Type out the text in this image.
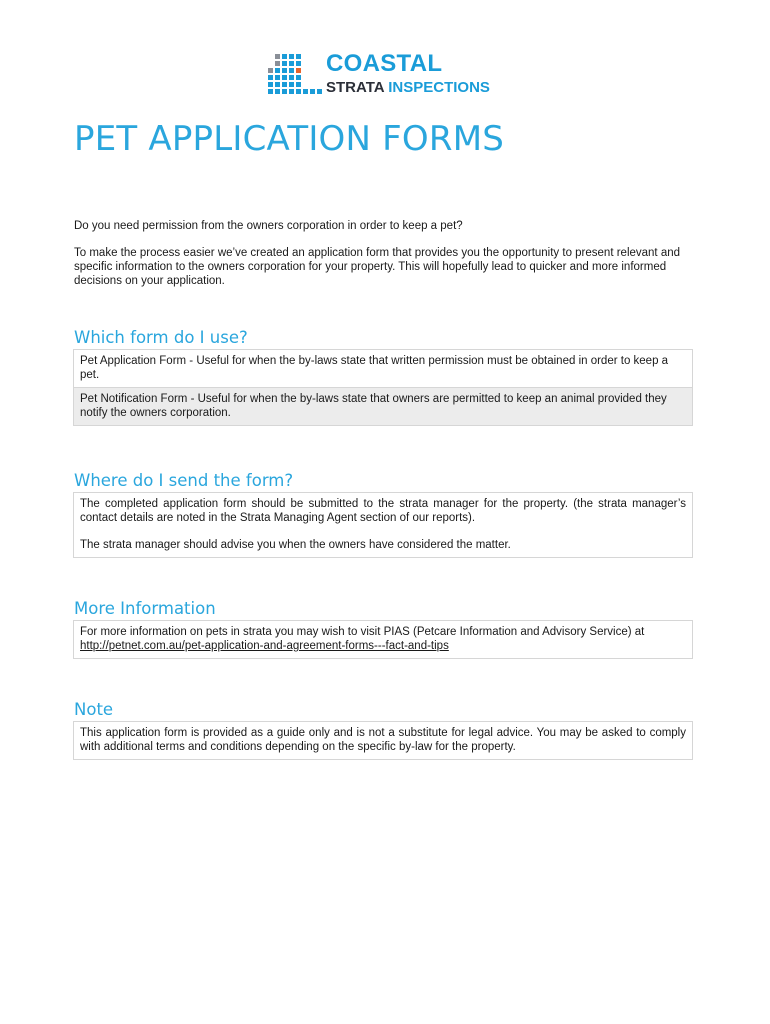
COASTAL
STRATA INSPECTIONS
PET APPLICATION FORMS
Do you need permission from the owners corporation in order to keep a pet?
To make the process easier we’ve created an application form that provides you the opportunity to present relevant and specific information to the owners corporation for your property. This will hopefully lead to quicker and more informed decisions on your application.
Which form do I use?
Pet Application Form - Useful for when the by-laws state that written permission must be obtained in order to keep a pet.
Pet Notification Form - Useful for when the by-laws state that owners are permitted to keep an animal provided they notify the owners corporation.
Where do I send the form?

The completed application form should be submitted to the strata manager for the property. (the strata manager’s contact details are noted in the Strata Managing Agent section of our reports).

The strata manager should advise you when the owners have considered the matter.

More Information
For more information on pets in strata you may wish to visit PIAS (Petcare Information and Advisory Service) at http://petnet.com.au/pet-application-and-agreement-forms---fact-and-tips
Note
This application form is provided as a guide only and is not a substitute for legal advice. You may be asked to comply with additional terms and conditions depending on the specific by-law for the property.
